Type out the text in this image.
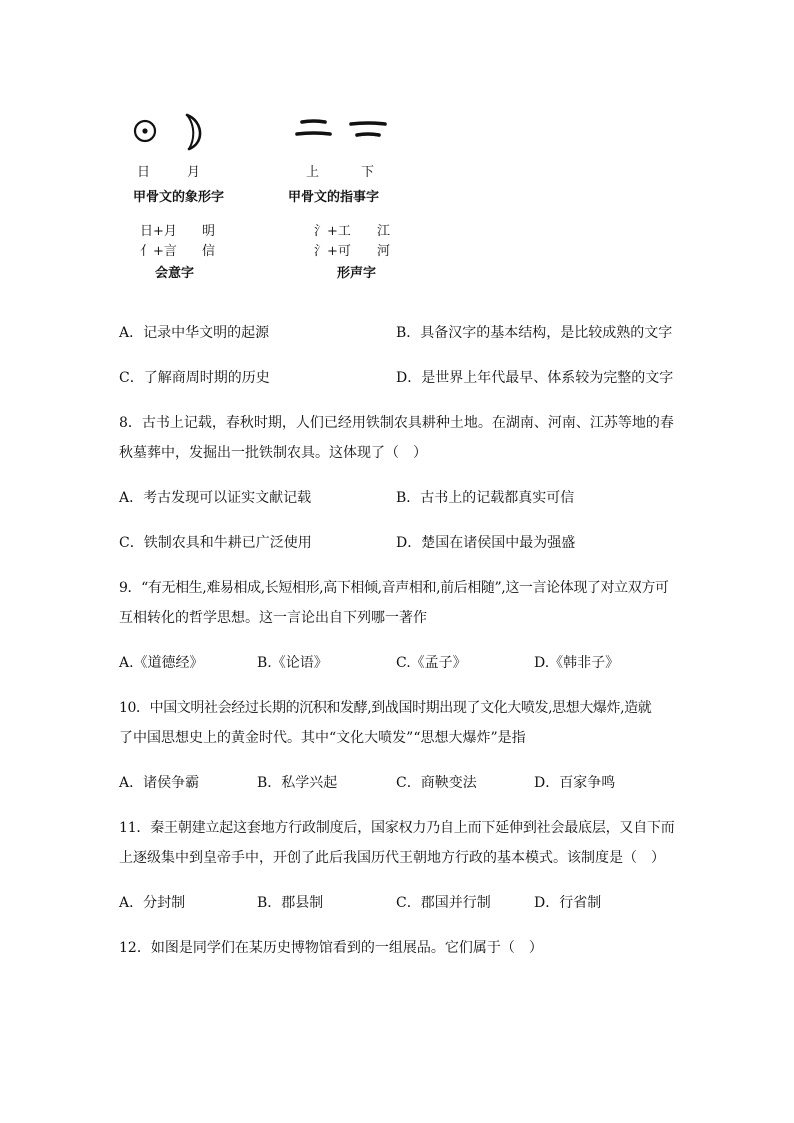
日	月	上	下
甲骨文的象形字	甲骨文的指事字
日+月 明
亻+言 信
氵+工 江
氵+可 河
会意字	形声字
A．记录中华文明的起源	B．具备汉字的基本结构，是比较成熟的文字
C．了解商周时期的历史	D．是世界上年代最早、体系较为完整的文字
8．古书上记载，春秋时期，人们已经用铁制农具耕种土地。在湖南、河南、江苏等地的春
秋墓葬中，发掘出一批铁制农具。这体现了（　）
A．考古发现可以证实文献记载	B．古书上的记载都真实可信
C．铁制农具和牛耕已广泛使用	D．楚国在诸侯国中最为强盛
9．“有无相生,难易相成,长短相形,高下相倾,音声相和,前后相随”,这一言论体现了对立双方可
互相转化的哲学思想。这一言论出自下列哪一著作
A.《道德经》	B.《论语》	C.《孟子》	D.《韩非子》
10．中国文明社会经过长期的沉积和发酵,到战国时期出现了文化大喷发,思想大爆炸,造就
了中国思想史上的黄金时代。其中“文化大喷发”“思想大爆炸”是指
A．诸侯争霸	B．私学兴起	C．商鞅变法	D．百家争鸣
11．秦王朝建立起这套地方行政制度后，国家权力乃自上而下延伸到社会最底层，又自下而
上逐级集中到皇帝手中，开创了此后我国历代王朝地方行政的基本模式。该制度是（　）
A．分封制	B．郡县制	C．郡国并行制	D．行省制
12．如图是同学们在某历史博物馆看到的一组展品。它们属于（　）
